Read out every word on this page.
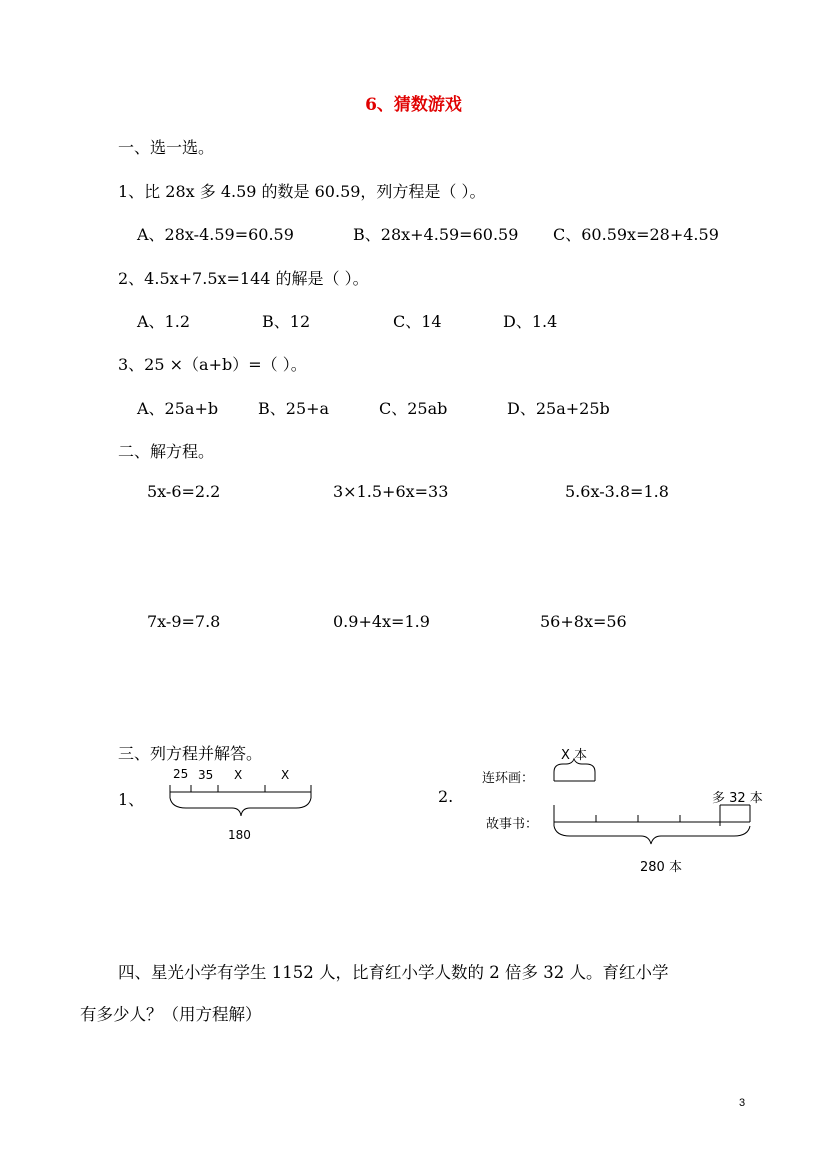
6、猜数游戏
一、选一选。
1、比 28x 多 4.59 的数是 60.59，列方程是（ ）。
A、28x-4.59=60.59	B、28x+4.59=60.59 C、60.59x=28+4.59
2、4.5x+7.5x=144 的解是（ ）。
A、1.2	B、12	C、14	D、1.4
3、25 ×（a+b）=（ ）。
A、25a+b B、25+a	C、25ab	D、25a+25b
二、解方程。
5x-6=2.2	3×1.5+6x=33	5.6x-3.8=1.8
7x-9=7.8	0.9+4x=1.9	56+8x=56
三、列方程并解答。
1、
25 35 X	X
180
2.
X 本
连环画：
故事书：
多 32 本
280 本
四、星光小学有学生 1152 人，比育红小学人数的 2 倍多 32 人。育红小学
有多少人？（用方程解）
3
